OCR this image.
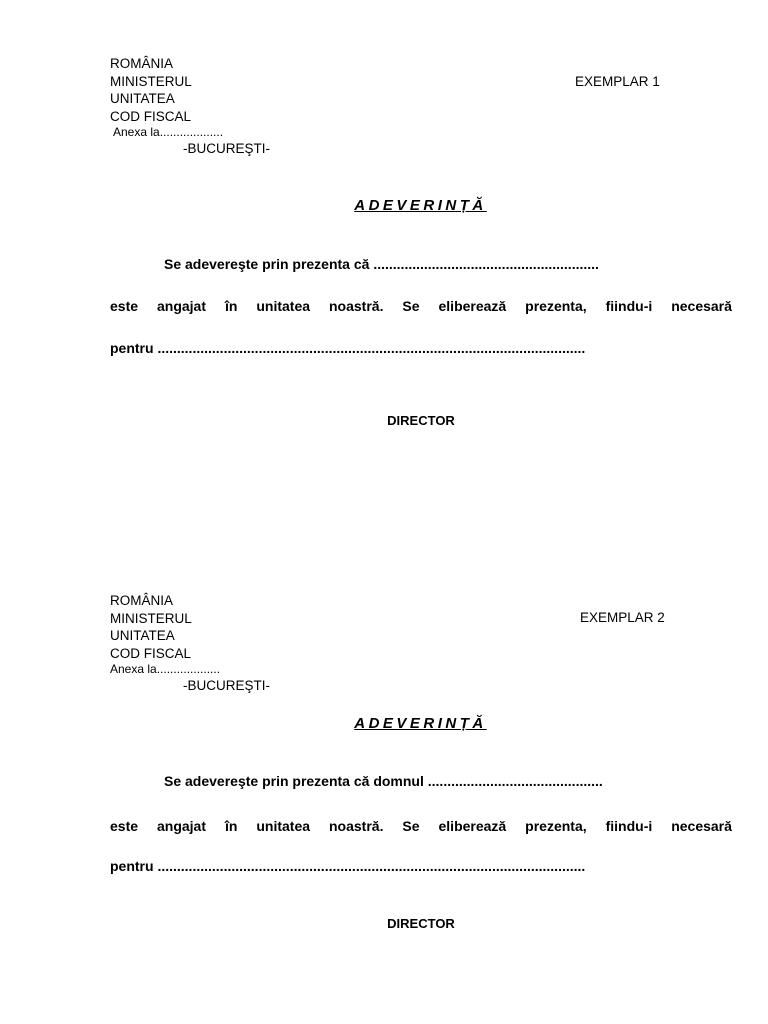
ROMÂNIA
MINISTERUL
UNITATEA
COD FISCAL
Anexa la...................
-BUCUREŞTI-
EXEMPLAR 1
ADEVERINȚĂ
Se adevereşte prin prezenta că ..........................................................
este angajat în unitatea noastră. Se eliberează prezenta, fiindu-i necesară
pentru ..............................................................................................................
DIRECTOR
ROMÂNIA
MINISTERUL
UNITATEA
COD FISCAL
Anexa la...................
-BUCUREŞTI-
EXEMPLAR 2
ADEVERINȚĂ
Se adevereşte prin prezenta că domnul .............................................
este angajat în unitatea noastră. Se eliberează prezenta, fiindu-i necesară
pentru ..............................................................................................................
DIRECTOR
